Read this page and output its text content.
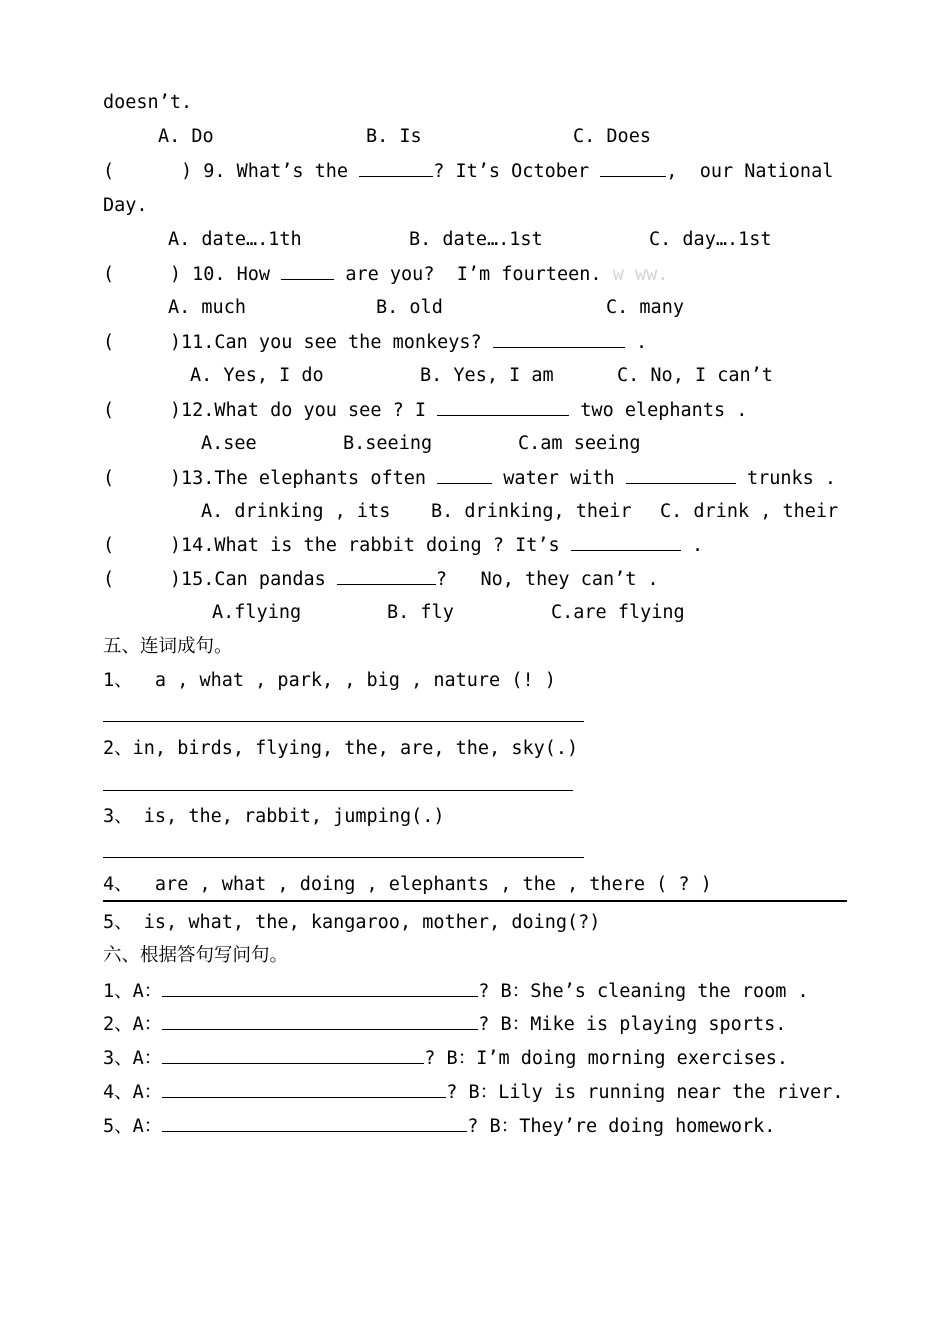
doesn’t.
A. Do	B. Is	C. Does
(      ) 9. What’s the	? It’s October	,  our National
Day.
A. date….1th	B. date….1st	C. day….1st
(     ) 10. How	are you?  I’m fourteen. w ww.
A. much	B. old	C. many
(     )11.Can you see the monkeys?	.
A. Yes, I do	B. Yes, I am	C. No, I can’t
(     )12.What do you see ? I	two elephants .
A.see	B.seeing	C.am seeing
(     )13.The elephants often	water with	trunks .
A. drinking , its B. drinking, their C. drink , their
(     )14.What is the rabbit doing ? It’s	.
(     )15.Can pandas	?   No, they can’t .
A.flying	B. fly	C.are flying
五、连词成句。
1、  a , what , park, , big , nature (! )
2、in, birds, flying, the, are, the, sky(.)
3、 is, the, rabbit, jumping(.)
4、  are , what , doing , elephants , the , there ( ? )
5、 is, what, the, kangaroo, mother, doing(?)
六、根据答句写问句。
1、A：	? B：She’s cleaning the room .
2、A：	? B：Mike is playing sports.
3、A：	? B：I’m doing morning exercises.
4、A：	? B：Lily is running near the river.
5、A：	? B：They’re doing homework.
